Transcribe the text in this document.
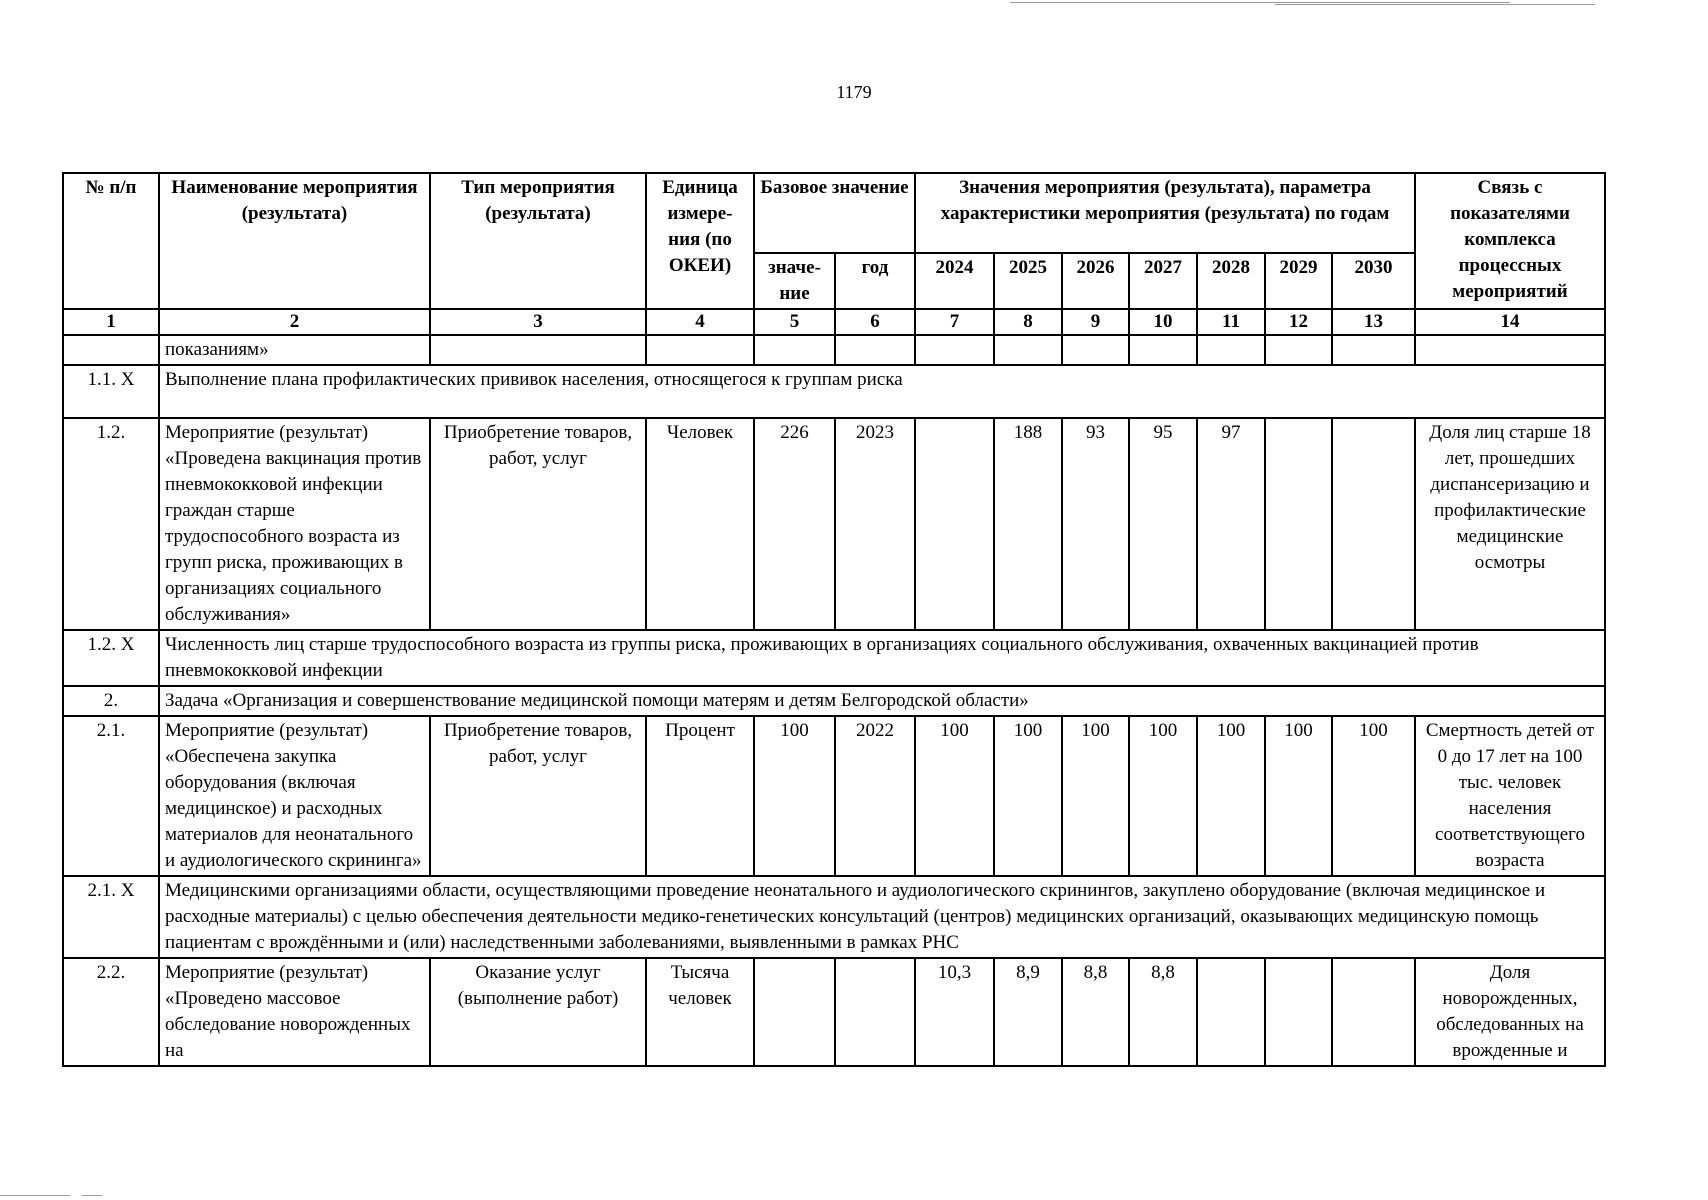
1179
№ п/п	Наименование мероприятия (результата)	Тип мероприятия (результата)	Единица измере-ния (по ОКЕИ)	Базовое значение		Значения мероприятия (результата), параметра характеристики мероприятия (результата) по годам							Связь с показателями комплекса процессных мероприятий
				значе-ние	год	2024	2025	2026	2027	2028	2029	2030	
1	2	3	4	5	6	7	8	9	10	11	12	13	14
	показаниям»												
1.1. X	Выполнение плана профилактических прививок населения, относящегося к группам риска												
1.2.	Мероприятие (результат) «Проведена вакцинация против пневмококковой инфекции граждан старше трудоспособного возраста из групп риска, проживающих в организациях социального обслуживания»	Приобретение товаров, работ, услуг	Человек	226	2023		188	93	95	97			Доля лиц старше 18 лет, прошедших диспансеризацию и профилактические медицинские осмотры
1.2. X	Численность лиц старше трудоспособного возраста из группы риска, проживающих в организациях социального обслуживания, охваченных вакцинацией против пневмококковой инфекции												
2.	Задача «Организация и совершенствование медицинской помощи матерям и детям Белгородской области»												
2.1.	Мероприятие (результат) «Обеспечена закупка оборудования (включая медицинское) и расходных материалов для неонатального и аудиологического скрининга»	Приобретение товаров, работ, услуг	Процент	100	2022	100	100	100	100	100	100	100	Смертность детей от 0 до 17 лет на 100 тыс. человек населения соответствующего возраста
2.1. X	Медицинскими организациями области, осуществляющими проведение неонатального и аудиологического скринингов, закуплено оборудование (включая медицинское и расходные материалы) с целью обеспечения деятельности медико-генетических консультаций (центров) медицинских организаций, оказывающих медицинскую помощь пациентам с врождёнными и (или) наследственными заболеваниями, выявленными в рамках РНС												
2.2.	Мероприятие (результат) «Проведено массовое обследование новорожденных на	Оказание услуг (выполнение работ)	Тысяча человек			10,3	8,9	8,8	8,8				Доля новорожденных, обследованных на врожденные и
